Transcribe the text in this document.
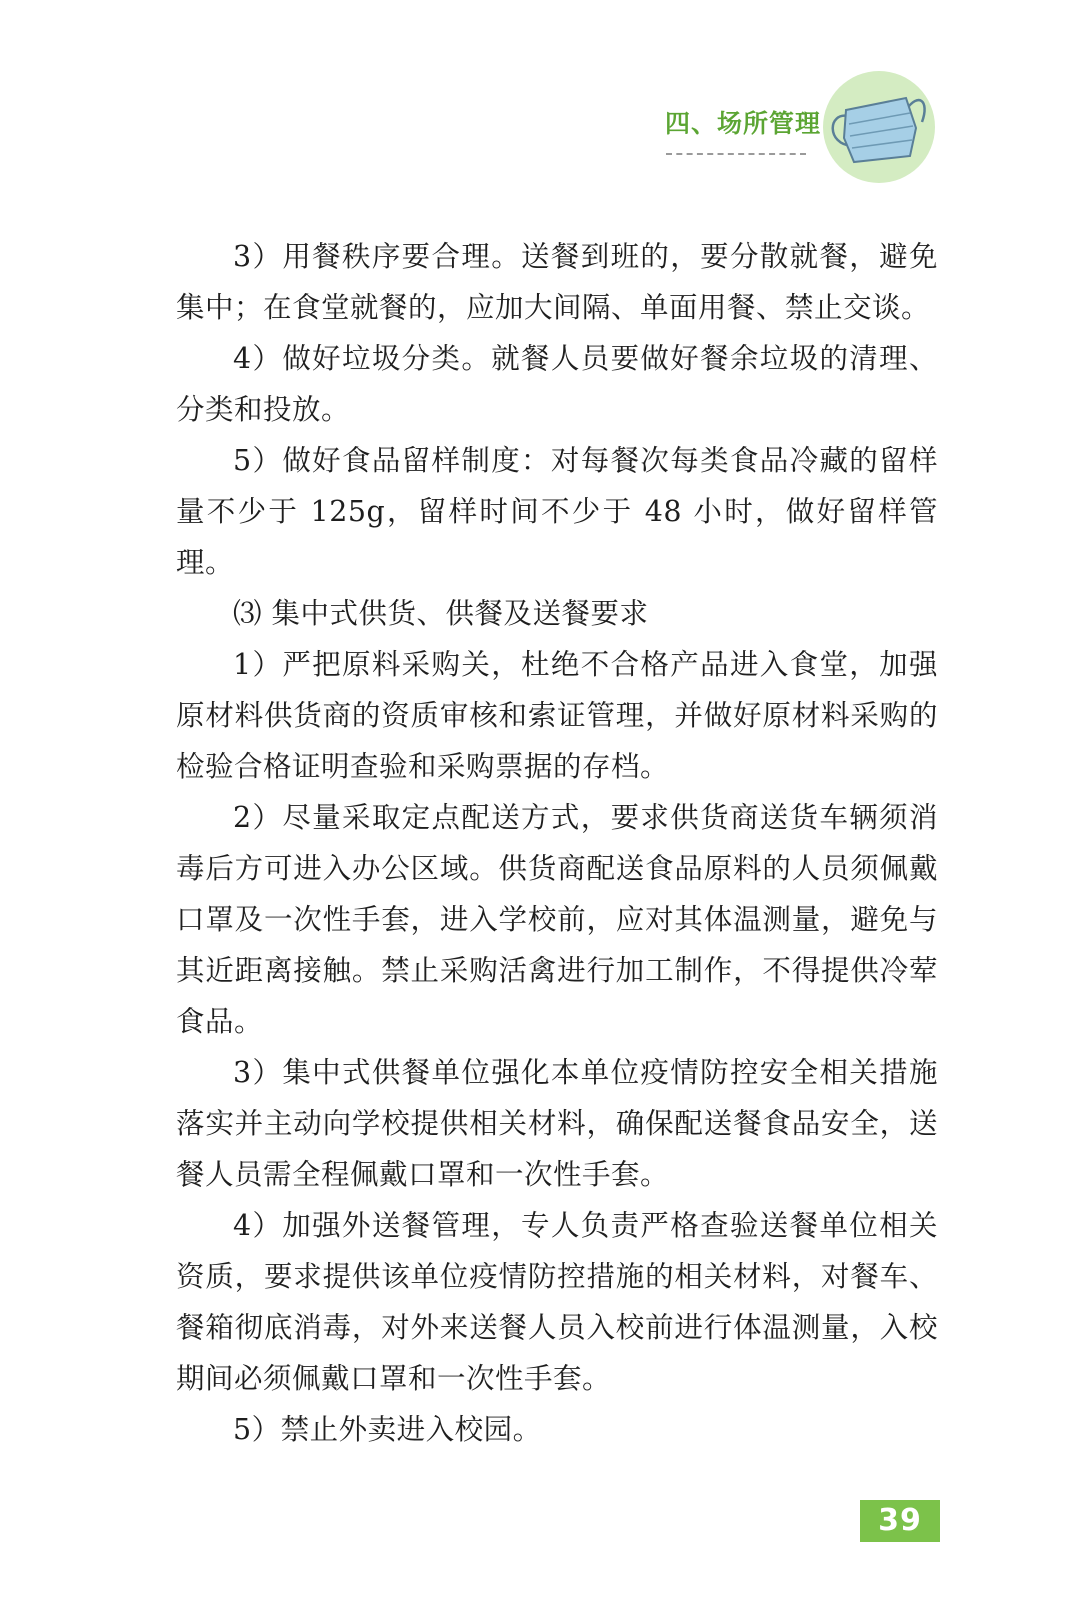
四、场所管理

3）用餐秩序要合理。送餐到班的，要分散就餐，避免集中；在食堂就餐的，应加大间隔、单面用餐、禁止交谈。

4）做好垃圾分类。就餐人员要做好餐余垃圾的清理、分类和投放。

5）做好食品留样制度：对每餐次每类食品冷藏的留样量不少于 125g，留样时间不少于 48 小时，做好留样管理。

⑶ 集中式供货、供餐及送餐要求

1）严把原料采购关，杜绝不合格产品进入食堂，加强原材料供货商的资质审核和索证管理，并做好原材料采购的检验合格证明查验和采购票据的存档。

2）尽量采取定点配送方式，要求供货商送货车辆须消毒后方可进入办公区域。供货商配送食品原料的人员须佩戴口罩及一次性手套，进入学校前，应对其体温测量，避免与其近距离接触。禁止采购活禽进行加工制作，不得提供冷荤食品。

3）集中式供餐单位强化本单位疫情防控安全相关措施落实并主动向学校提供相关材料，确保配送餐食品安全，送餐人员需全程佩戴口罩和一次性手套。

4）加强外送餐管理，专人负责严格查验送餐单位相关资质，要求提供该单位疫情防控措施的相关材料，对餐车、餐箱彻底消毒，对外来送餐人员入校前进行体温测量，入校期间必须佩戴口罩和一次性手套。

5）禁止外卖进入校园。

39
